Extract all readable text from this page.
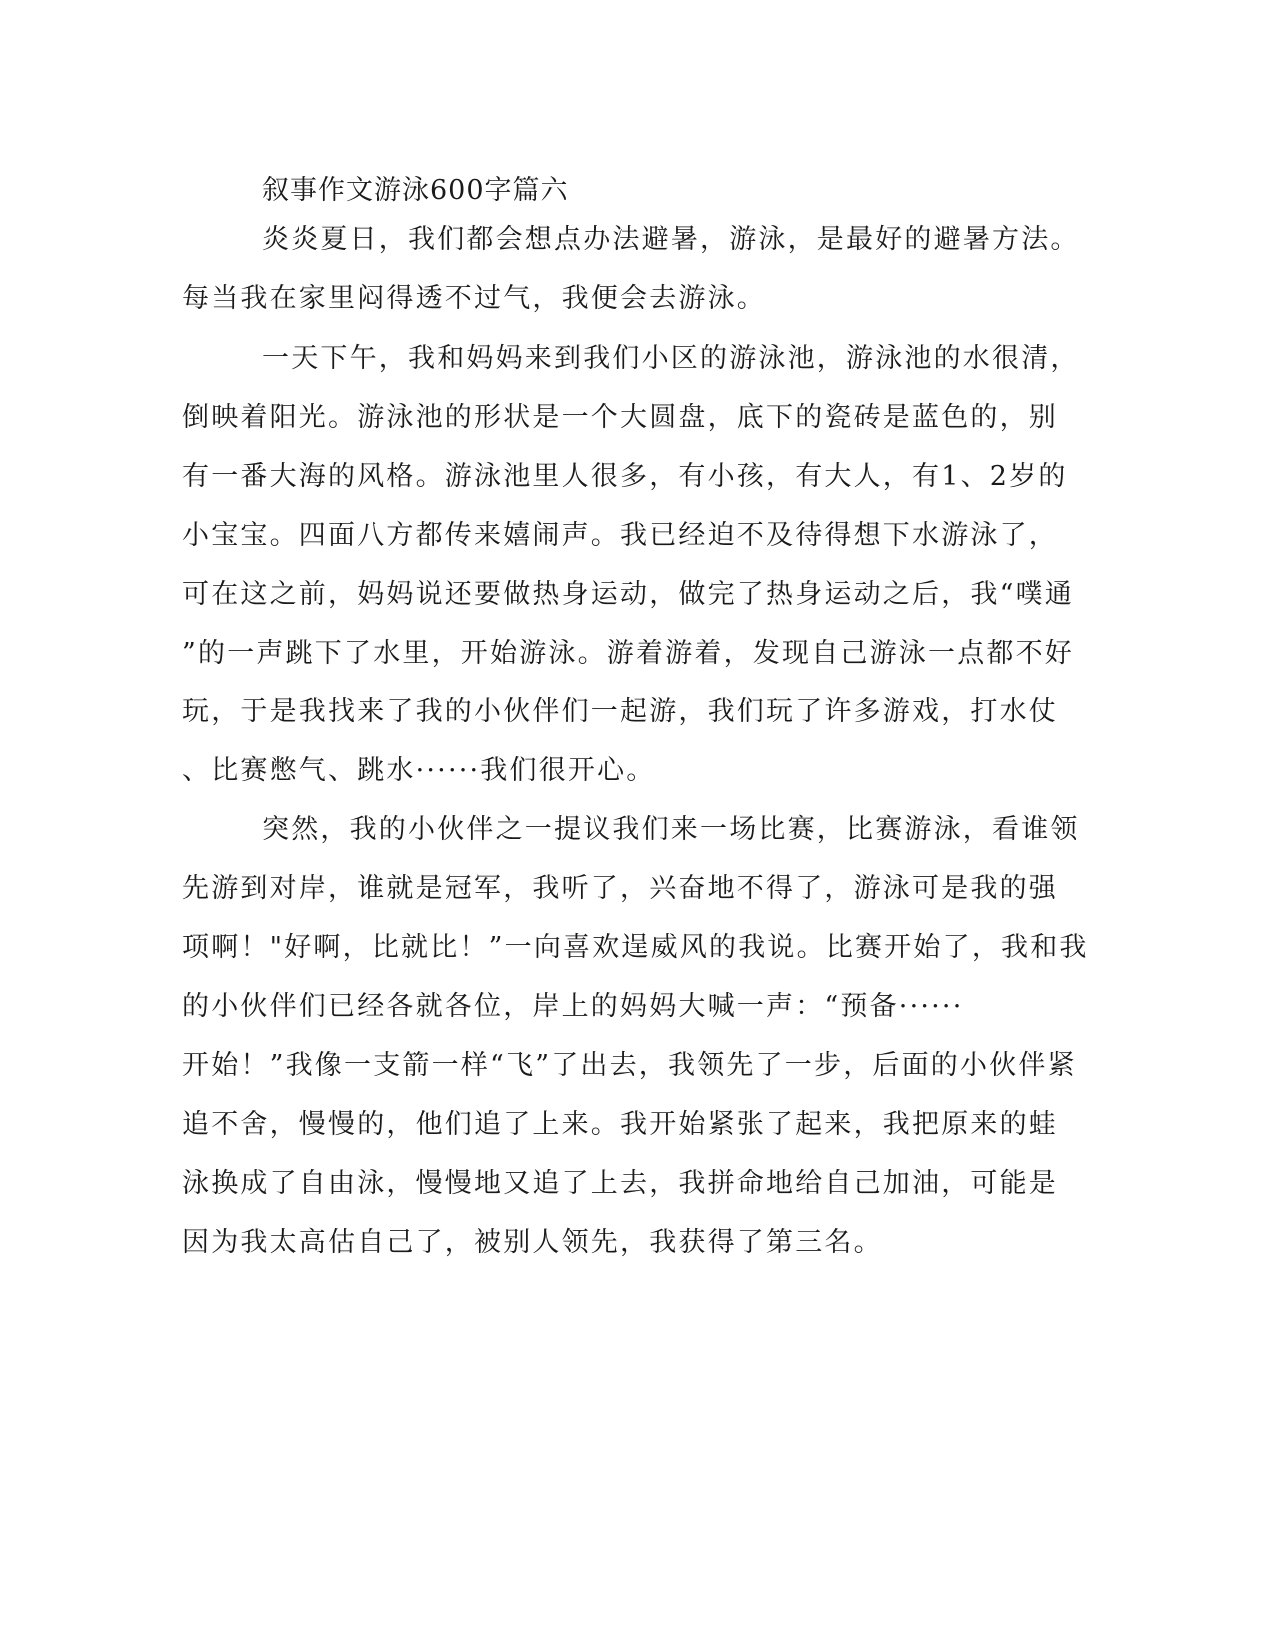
叙事作文游泳600字篇六

炎炎夏日，我们都会想点办法避暑，游泳，是最好的避暑方法。

每当我在家里闷得透不过气，我便会去游泳。

一天下午，我和妈妈来到我们小区的游泳池，游泳池的水很清，

倒映着阳光。游泳池的形状是一个大圆盘，底下的瓷砖是蓝色的，别

有一番大海的风格。游泳池里人很多，有小孩，有大人，有1、2岁的

小宝宝。四面八方都传来嬉闹声。我已经迫不及待得想下水游泳了，

可在这之前，妈妈说还要做热身运动，做完了热身运动之后，我“噗通

”的一声跳下了水里，开始游泳。游着游着，发现自己游泳一点都不好

玩，于是我找来了我的小伙伴们一起游，我们玩了许多游戏，打水仗

、比赛憋气、跳水······我们很开心。

突然，我的小伙伴之一提议我们来一场比赛，比赛游泳，看谁领

先游到对岸，谁就是冠军，我听了，兴奋地不得了，游泳可是我的强

项啊！"好啊，比就比！”一向喜欢逞威风的我说。比赛开始了，我和我

的小伙伴们已经各就各位，岸上的妈妈大喊一声：“预备······

开始！”我像一支箭一样“飞”了出去，我领先了一步，后面的小伙伴紧

追不舍，慢慢的，他们追了上来。我开始紧张了起来，我把原来的蛙

泳换成了自由泳，慢慢地又追了上去，我拼命地给自己加油，可能是

因为我太高估自己了，被别人领先，我获得了第三名。
